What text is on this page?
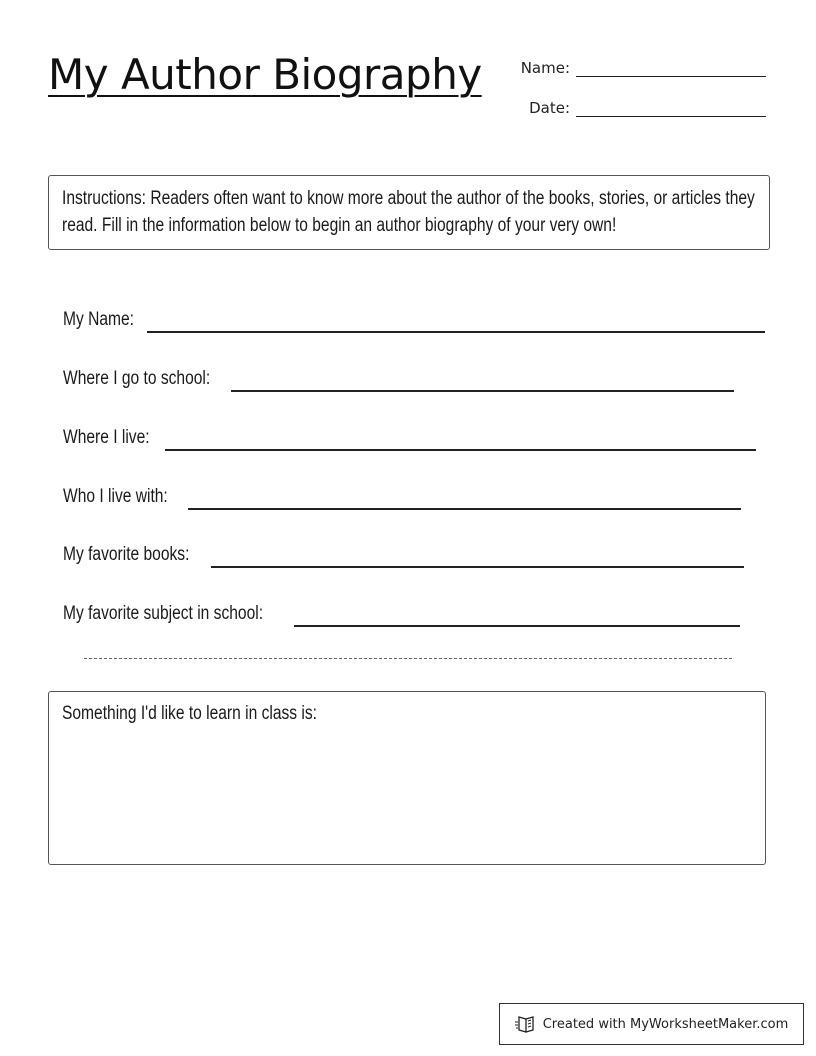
My Author Biography	Name:
Date:
Instructions: Readers often want to know more about the author of the books, stories, or articles they read. Fill in the information below to begin an author biography of your very own!
My Name:
Where I go to school:
Where I live:
Who I live with:
My favorite books:
My favorite subject in school:
Something I'd like to learn in class is:
Created with MyWorksheetMaker.com
